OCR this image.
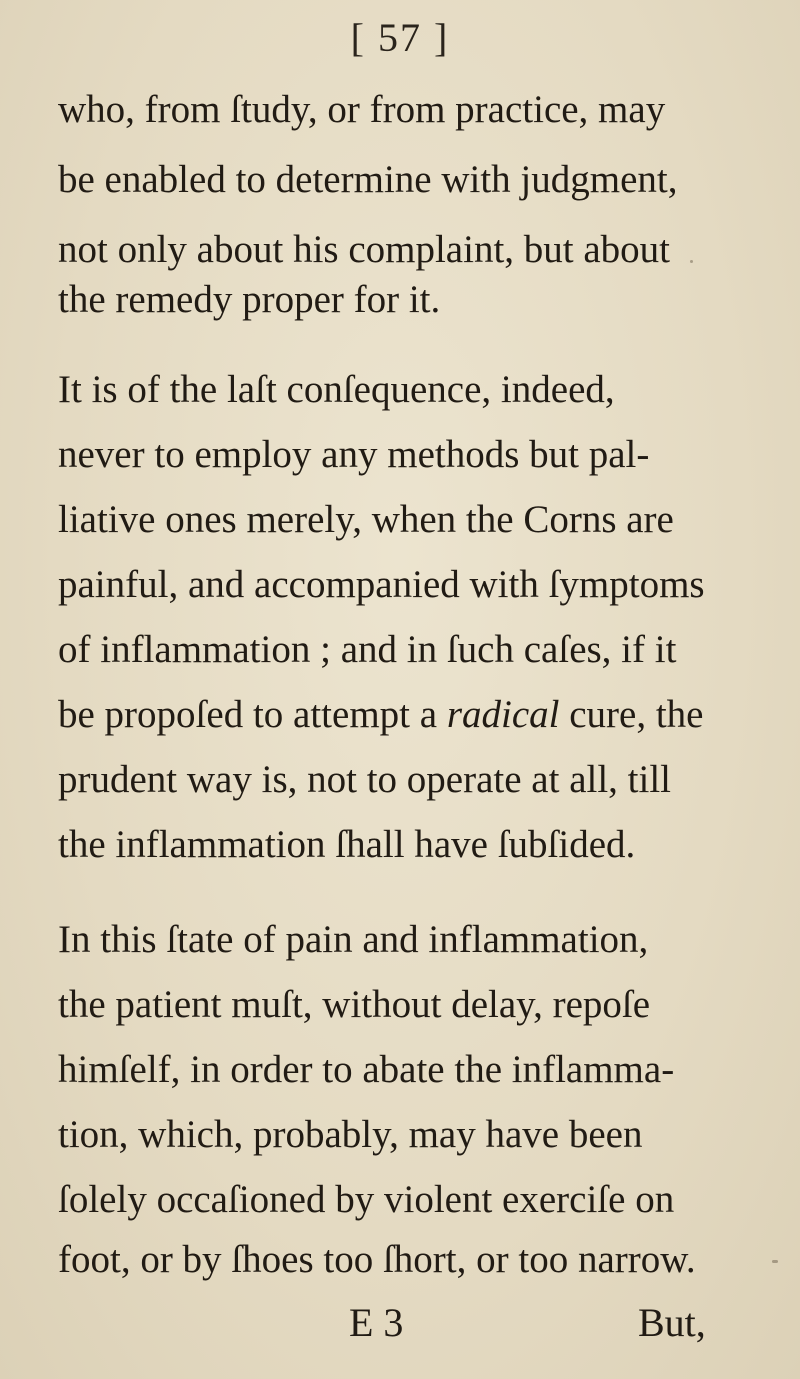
[ 57 ]
who, from ſtudy, or from practice, may
be enabled to determine with judgment,
not only about his complaint, but about
the remedy proper for it.
It is of the laſt conſequence, indeed,
never to employ any methods but pal-
liative ones merely, when the Corns are
painful, and accompanied with ſymptoms
of inflammation ; and in ſuch caſes, if it
be propoſed to attempt a radical cure, the
prudent way is, not to operate at all, till
the inflammation ſhall have ſubſided.
In this ſtate of pain and inflammation,
the patient muſt, without delay, repoſe
himſelf, in order to abate the inflamma-
tion, which, probably, may have been
ſolely occaſioned by violent exerciſe on
foot, or by ſhoes too ſhort, or too narrow.
E 3	But,
